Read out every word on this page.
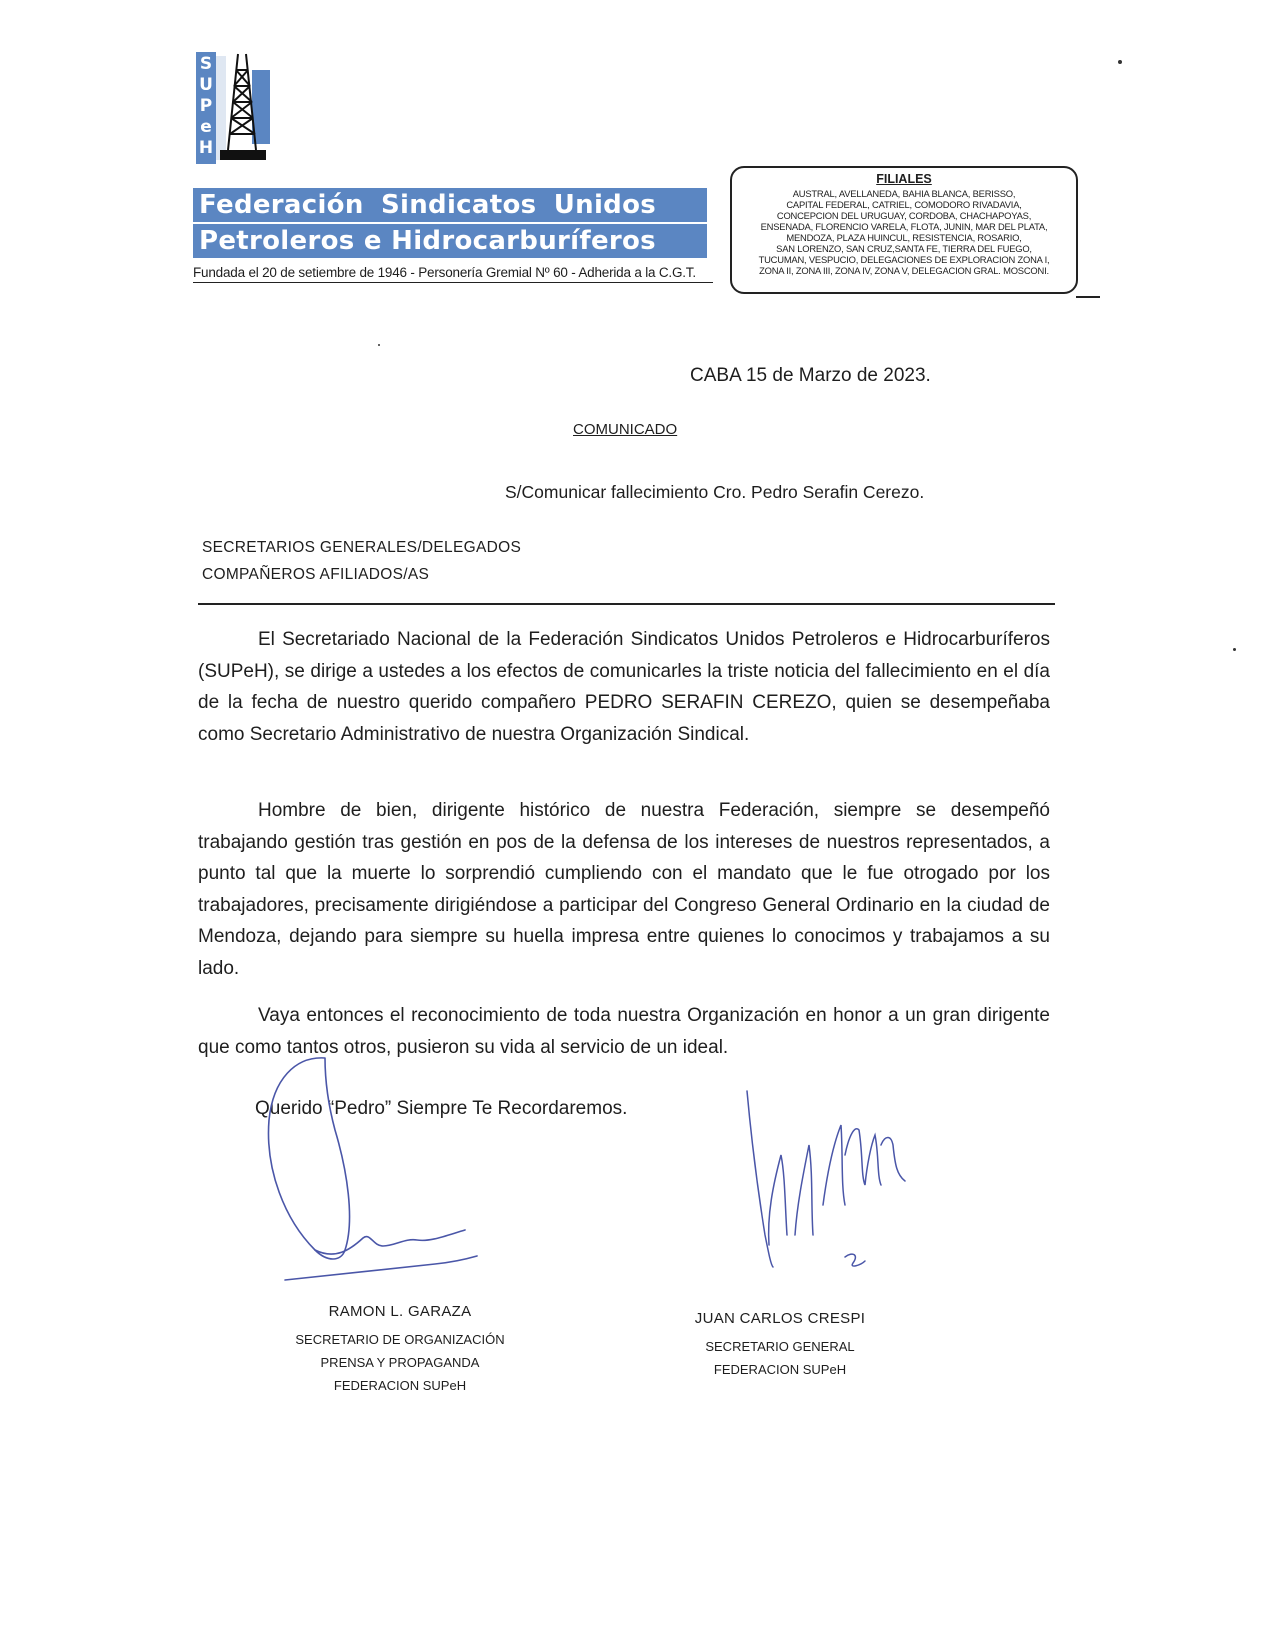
S
U
P
e
H
Federación Sindicatos Unidos
Petroleros e Hidrocarburíferos
Fundada el 20 de setiembre de 1946 - Personería Gremial Nº 60 - Adherida a la C.G.T.
FILIALES
AUSTRAL, AVELLANEDA, BAHIA BLANCA, BERISSO,
CAPITAL FEDERAL, CATRIEL, COMODORO RIVADAVIA,
CONCEPCION DEL URUGUAY, CORDOBA, CHACHAPOYAS,
ENSENADA, FLORENCIO VARELA, FLOTA, JUNIN, MAR DEL PLATA,
MENDOZA, PLAZA HUINCUL, RESISTENCIA, ROSARIO,
SAN LORENZO, SAN CRUZ,SANTA FE, TIERRA DEL FUEGO,
TUCUMAN, VESPUCIO, DELEGACIONES DE EXPLORACION ZONA I,
ZONA II, ZONA III, ZONA IV, ZONA V, DELEGACION GRAL. MOSCONI.
CABA 15 de Marzo de 2023.
COMUNICADO
S/Comunicar fallecimiento Cro. Pedro Serafin Cerezo.
SECRETARIOS GENERALES/DELEGADOS
COMPAÑEROS AFILIADOS/AS
El Secretariado Nacional de la Federación Sindicatos Unidos Petroleros e Hidrocarburíferos (SUPeH), se dirige a ustedes a los efectos de comunicarles la triste noticia del fallecimiento en el día de la fecha de nuestro querido compañero PEDRO SERAFIN CEREZO, quien se desempeñaba como Secretario Administrativo de nuestra Organización Sindical.
Hombre de bien, dirigente histórico de nuestra Federación, siempre se desempeñó trabajando gestión tras gestión en pos de la defensa de los intereses de nuestros representados, a punto tal que la muerte lo sorprendió cumpliendo con el mandato que le fue otrogado por los trabajadores, precisamente dirigiéndose a participar del Congreso General Ordinario en la ciudad de Mendoza, dejando para siempre su huella impresa entre quienes lo conocimos y trabajamos a su lado.
Vaya entonces el reconocimiento de toda nuestra Organización en honor a un gran dirigente que como tantos otros, pusieron su vida al servicio de un ideal.
Querido “Pedro” Siempre Te Recordaremos.
RAMON L. GARAZA
SECRETARIO DE ORGANIZACIÓN
PRENSA Y PROPAGANDA
FEDERACION SUPeH
JUAN CARLOS CRESPI
SECRETARIO GENERAL
FEDERACION SUPeH
